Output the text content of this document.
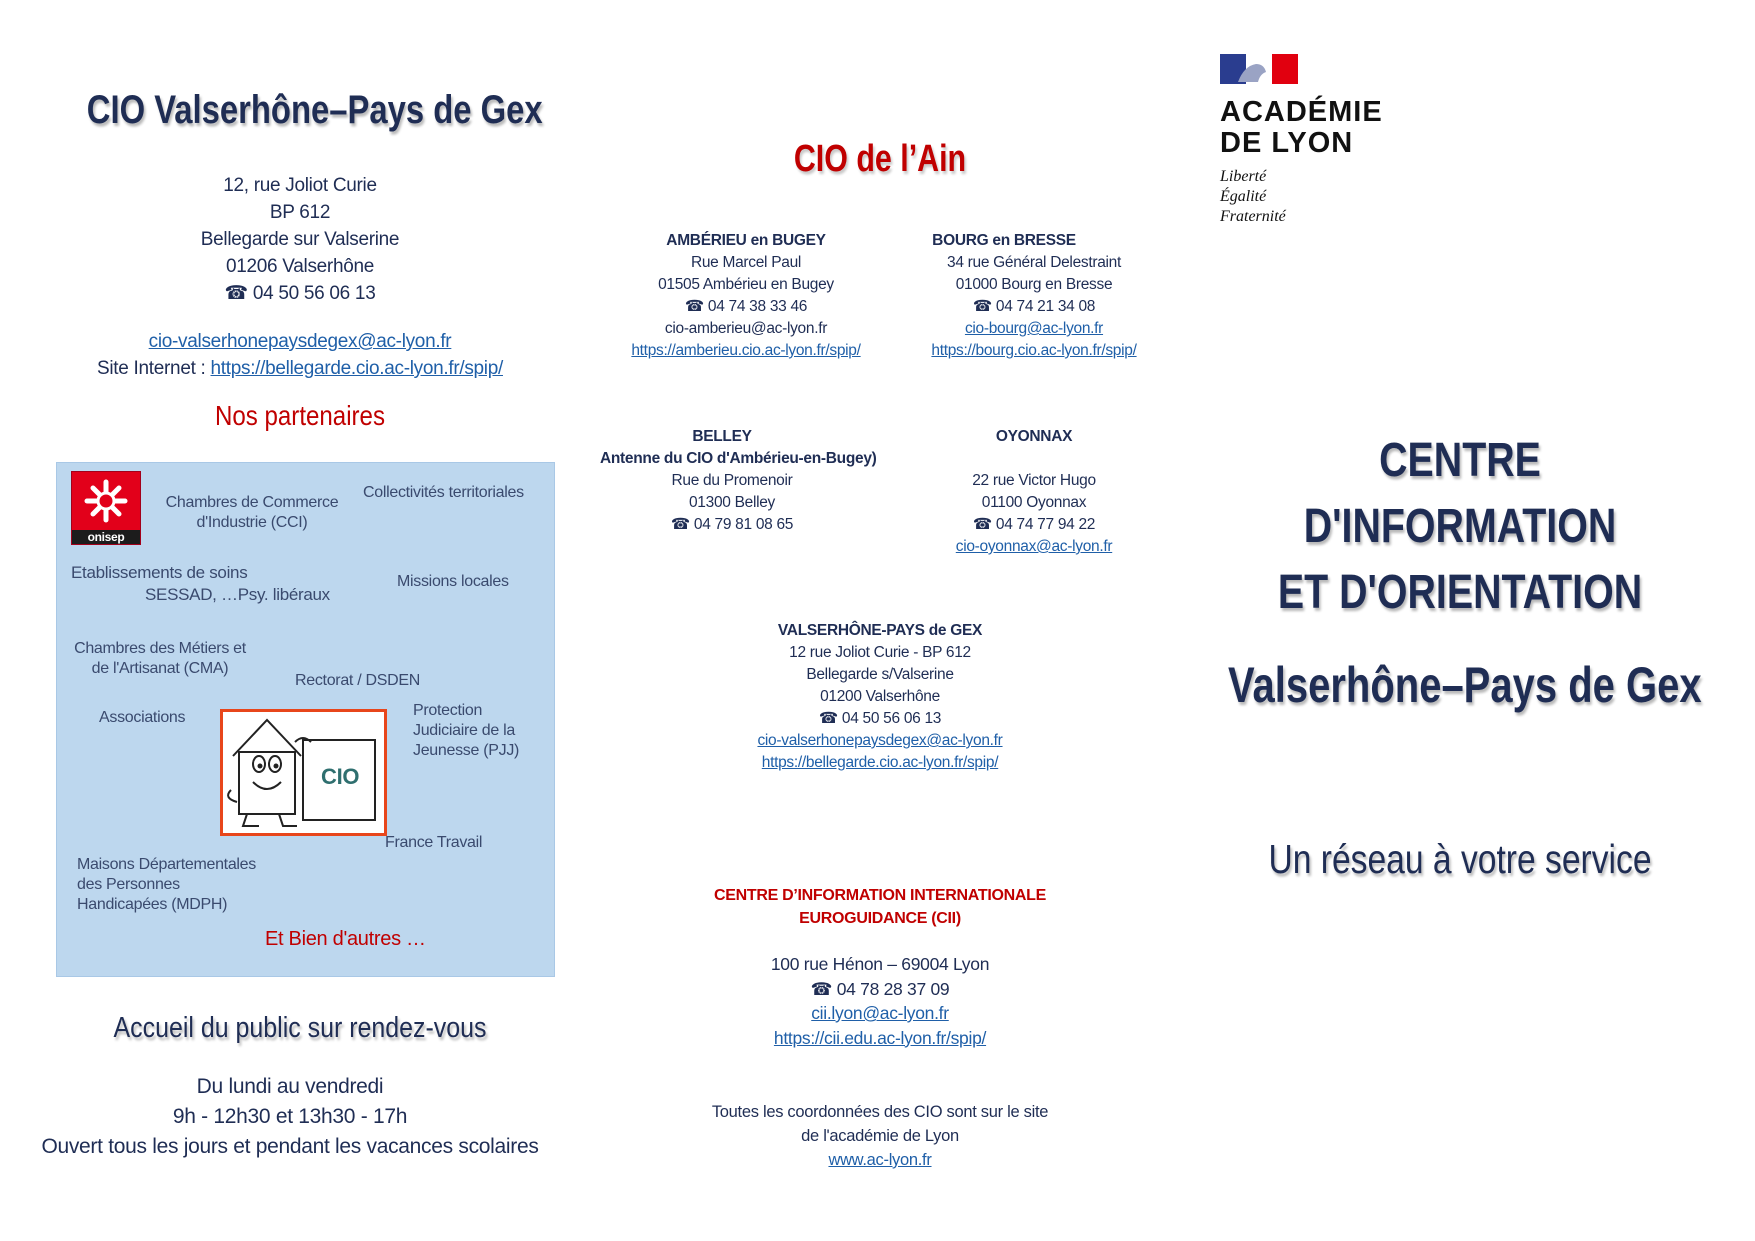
CIO Valserhône–Pays de Gex
12, rue Joliot Curie
BP 612
Bellegarde sur Valserine
01206 Valserhône
☎ 04 50 56 06 13
cio-valserhonepaysdegex@ac-lyon.fr
Site Internet : https://bellegarde.cio.ac-lyon.fr/spip/
Nos partenaires
onisep
Chambres de Commerce
d'Industrie (CCI)
Collectivités territoriales
Etablissements de soins
SESSAD, …Psy. libéraux
Missions locales
Chambres des Métiers et
de l'Artisanat (CMA)
Rectorat / DSDEN
Associations
CIO
Protection
Judiciaire de la
Jeunesse (PJJ)
France Travail
Maisons Départementales
des Personnes
Handicapées (MDPH)
Et Bien d'autres …
Accueil du public sur rendez-vous
Du lundi au vendredi
9h - 12h30 et 13h30 - 17h
Ouvert tous les jours et pendant les vacances scolaires
CIO de l’Ain
AMBÉRIEU en BUGEY
Rue Marcel Paul
01505 Ambérieu en Bugey
☎ 04 74 38 33 46
cio-amberieu@ac-lyon.fr
https://amberieu.cio.ac-lyon.fr/spip/
BOURG en BRESSE
34 rue Général Delestraint
01000 Bourg en Bresse
☎ 04 74 21 34 08
cio-bourg@ac-lyon.fr
https://bourg.cio.ac-lyon.fr/spip/
BELLEY
Antenne du CIO d'Ambérieu-en-Bugey)
Rue du Promenoir
01300 Belley
☎ 04 79 81 08 65
OYONNAX
22 rue Victor Hugo
01100 Oyonnax
☎ 04 74 77 94 22
cio-oyonnax@ac-lyon.fr
VALSERHÔNE-PAYS de GEX
12 rue Joliot Curie - BP 612
Bellegarde s/Valserine
01200 Valserhône
☎ 04 50 56 06 13
cio-valserhonepaysdegex@ac-lyon.fr
https://bellegarde.cio.ac-lyon.fr/spip/
CENTRE D’INFORMATION INTERNATIONALE
EUROGUIDANCE (CII)
100 rue Hénon – 69004 Lyon
☎ 04 78 28 37 09
cii.lyon@ac-lyon.fr
https://cii.edu.ac-lyon.fr/spip/
Toutes les coordonnées des CIO sont sur le site
de l'académie de Lyon
www.ac-lyon.fr
ACADÉMIE
DE LYON
Liberté
Égalité
Fraternité
CENTRE
D'INFORMATION
ET D'ORIENTATION
Valserhône–Pays de Gex
Un réseau à votre service
